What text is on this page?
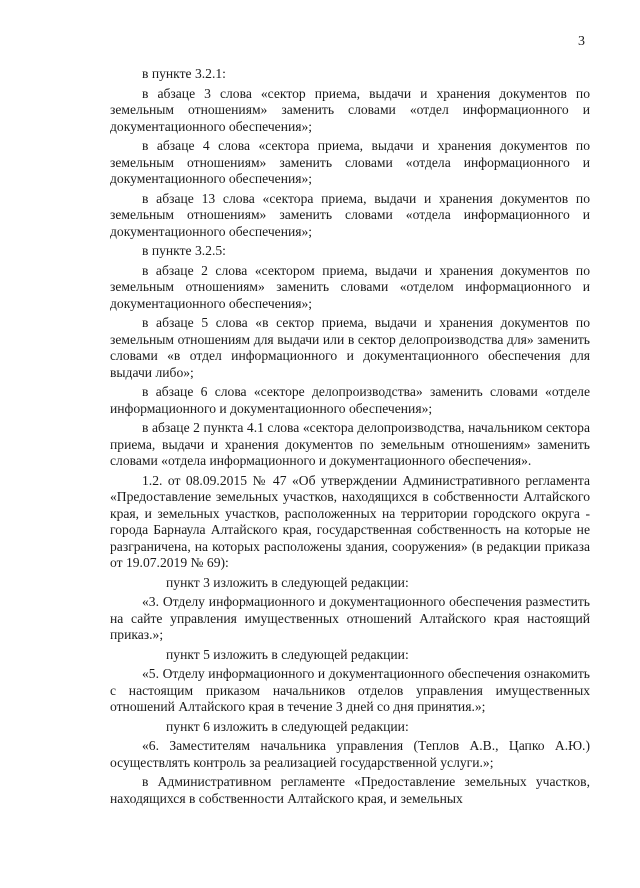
3

в пункте 3.2.1:

в абзаце 3 слова «сектор приема, выдачи и хранения документов по земельным отношениям» заменить словами «отдел информационного и документационного обеспечения»;

в абзаце 4 слова «сектора приема, выдачи и хранения документов по земельным отношениям» заменить словами «отдела информационного и документационного обеспечения»;

в абзаце 13 слова «сектора приема, выдачи и хранения документов по земельным отношениям» заменить словами «отдела информационного и документационного обеспечения»;

в пункте 3.2.5:

в абзаце 2 слова «сектором приема, выдачи и хранения документов по земельным отношениям» заменить словами «отделом информационного и документационного обеспечения»;

в абзаце 5 слова «в сектор приема, выдачи и хранения документов по земельным отношениям для выдачи или в сектор делопроизводства для» заменить словами «в отдел информационного и документационного обеспечения для выдачи либо»;

в абзаце 6 слова «секторе делопроизводства» заменить словами «отделе информационного и документационного обеспечения»;

в абзаце 2 пункта 4.1 слова «сектора делопроизводства, начальником сектора приема, выдачи и хранения документов по земельным отношениям» заменить словами «отдела информационного и документационного обеспечения».

1.2. от 08.09.2015 № 47 «Об утверждении Административного регламента «Предоставление земельных участков, находящихся в собственности Алтайского края, и земельных участков, расположенных на территории городского округа - города Барнаула Алтайского края, государственная собственность на которые не разграничена, на которых расположены здания, сооружения» (в редакции приказа от 19.07.2019 № 69):

пункт 3 изложить в следующей редакции:

«3. Отделу информационного и документационного обеспечения разместить на сайте управления имущественных отношений Алтайского края настоящий приказ.»;

пункт 5 изложить в следующей редакции:

«5. Отделу информационного и документационного обеспечения ознакомить с настоящим приказом начальников отделов управления имущественных отношений Алтайского края в течение 3 дней со дня принятия.»;

пункт 6 изложить в следующей редакции:

«6. Заместителям начальника управления (Теплов А.В., Цапко А.Ю.) осуществлять контроль за реализацией государственной услуги.»;

в Административном регламенте «Предоставление земельных участков, находящихся в собственности Алтайского края, и земельных
